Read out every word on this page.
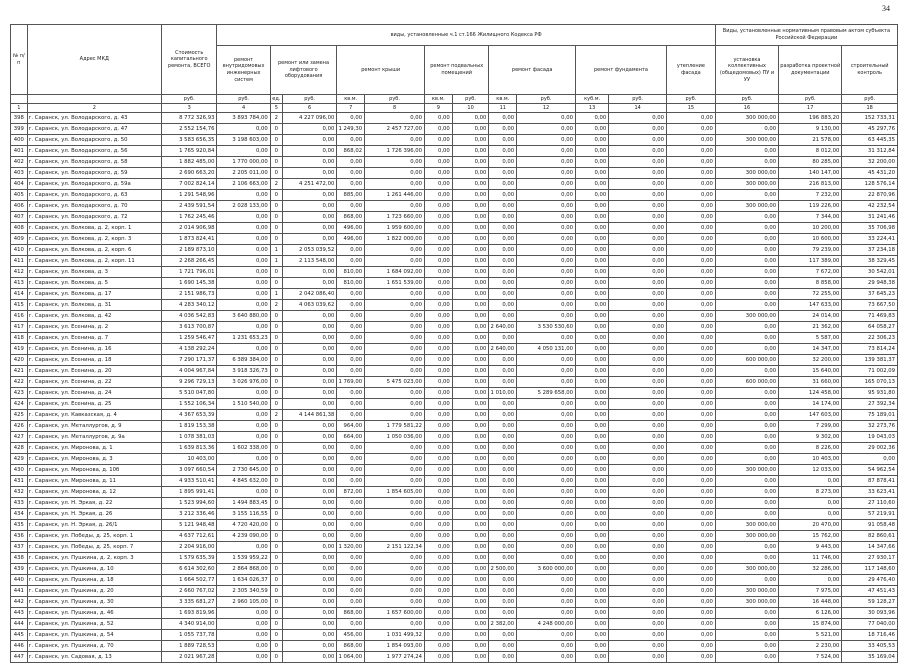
34
№ п/п	Адрес МКД	Стоимость капитального ремонта, ВСЕГО	виды, установленные ч.1 ст.166 Жилищного Кодекса РФ												Виды, установленные нормативным правовым актом субъекта Российской Федерации		
			ремонт внутридомовых инженерных систем	ремонт или замена лифтового оборудования		ремонт крыши		ремонт подвальных помещений		ремонт фасада		ремонт фундамента		утепление фасада	установка коллективных (общедомовых) ПУ и УУ	разработка проектной документации	строительный контроль
		руб.	руб.	ед.	руб.	кв.м.	руб.	кв.м.	руб.	кв.м.	руб.	куб.м.	руб.	руб.	руб.	руб.	руб.
1	2	3	4	5	6	7	8	9	10	11	12	13	14	15	16	17	18
398	г. Саранск, ул. Володарского, д. 43	8 772 326,93	3 893 784,00	2	4 227 096,00	0,00	0,00	0,00	0,00	0,00	0,00	0,00	0,00	0,00	300 000,00	196 883,20	152 733,31
399	г. Саранск, ул. Володарского, д. 47	2 552 154,76	0,00	0	0,00	1 249,30	2 457 727,00	0,00	0,00	0,00	0,00	0,00	0,00	0,00	0,00	9 130,00	45 297,76
400	г. Саранск, ул. Володарского, д. 50	3 583 656,35	3 198 603,00	0	0,00	0,00	0,00	0,00	0,00	0,00	0,00	0,00	0,00	0,00	300 000,00	21 578,00	63 445,35
401	г. Саранск, ул. Володарского, д. 56	1 765 920,84	0,00	0	0,00	868,02	1 726 396,00	0,00	0,00	0,00	0,00	0,00	0,00	0,00	0,00	8 012,00	31 312,84
402	г. Саранск, ул. Володарского, д. 58	1 882 485,00	1 770 000,00	0	0,00	0,00	0,00	0,00	0,00	0,00	0,00	0,00	0,00	0,00	0,00	80 285,00	32 200,00
403	г. Саранск, ул. Володарского, д. 59	2 690 663,20	2 205 011,00	0	0,00	0,00	0,00	0,00	0,00	0,00	0,00	0,00	0,00	0,00	300 000,00	140 147,00	45 431,20
404	г. Саранск, ул. Володарского, д. 59а	7 002 824,14	2 106 663,00	2	4 251 472,00	0,00	0,00	0,00	0,00	0,00	0,00	0,00	0,00	0,00	300 000,00	216 813,00	128 576,14
405	г. Саранск, ул. Володарского, д. 63	1 291 548,96	0,00	0	0,00	885,00	1 261 446,00	0,00	0,00	0,00	0,00	0,00	0,00	0,00	0,00	7 232,00	22 870,96
406	г. Саранск, ул. Володарского, д. 70	2 439 591,54	2 028 133,00	0	0,00	0,00	0,00	0,00	0,00	0,00	0,00	0,00	0,00	0,00	300 000,00	119 226,00	42 232,54
407	г. Саранск, ул. Володарского, д. 72	1 762 245,46	0,00	0	0,00	868,00	1 723 660,00	0,00	0,00	0,00	0,00	0,00	0,00	0,00	0,00	7 344,00	31 241,46
408	г. Саранск, ул. Волкова, д. 2, корп. 1	2 014 906,98	0,00	0	0,00	496,00	1 959 600,00	0,00	0,00	0,00	0,00	0,00	0,00	0,00	0,00	10 200,00	35 706,98
409	г. Саранск, ул. Волкова, д. 2, корп. 3	1 873 824,41	0,00	0	0,00	496,00	1 822 000,00	0,00	0,00	0,00	0,00	0,00	0,00	0,00	0,00	10 600,00	33 224,41
410	г. Саранск, ул. Волкова, д. 2, корп. 6	2 189 873,10	0,00	1	2 053 039,52	0,00	0,00	0,00	0,00	0,00	0,00	0,00	0,00	0,00	0,00	79 239,00	37 234,18
411	г. Саранск, ул. Волкова, д. 2, корп. 11	2 268 266,45	0,00	1	2 113 548,00	0,00	0,00	0,00	0,00	0,00	0,00	0,00	0,00	0,00	0,00	117 389,00	38 329,45
412	г. Саранск, ул. Волкова, д. 3	1 721 796,01	0,00	0	0,00	810,00	1 684 092,00	0,00	0,00	0,00	0,00	0,00	0,00	0,00	0,00	7 672,00	30 542,01
413	г. Саранск, ул. Волкова, д. 5	1 690 145,38	0,00	0	0,00	810,00	1 651 539,00	0,00	0,00	0,00	0,00	0,00	0,00	0,00	0,00	8 858,00	29 948,38
414	г. Саранск, ул. Волкова, д. 17	2 151 986,73	0,00	1	2 042 086,40	0,00	0,00	0,00	0,00	0,00	0,00	0,00	0,00	0,00	0,00	72 255,00	37 645,23
415	г. Саранск, ул. Волкова, д. 31	4 283 340,12	0,00	2	4 063 039,62	0,00	0,00	0,00	0,00	0,00	0,00	0,00	0,00	0,00	0,00	147 633,00	73 667,50
416	г. Саранск, ул. Волкова, д. 42	4 036 542,83	3 640 880,00	0	0,00	0,00	0,00	0,00	0,00	0,00	0,00	0,00	0,00	0,00	300 000,00	24 014,00	71 469,83
417	г. Саранск, ул. Есенина, д. 2	3 613 700,87	0,00	0	0,00	0,00	0,00	0,00	0,00	2 640,00	3 530 530,60	0,00	0,00	0,00	0,00	21 362,00	64 058,27
418	г. Саранск, ул. Есенина, д. 7	1 259 546,47	1 231 653,23	0	0,00	0,00	0,00	0,00	0,00	0,00	0,00	0,00	0,00	0,00	0,00	5 587,00	22 306,23
419	г. Саранск, ул. Есенина, д. 16	4 138 292,24	0,00	0	0,00	0,00	0,00	0,00	0,00	2 640,00	4 050 131,00	0,00	0,00	0,00	0,00	14 347,00	73 814,24
420	г. Саранск, ул. Есенина, д. 18	7 290 171,37	6 389 384,00	0	0,00	0,00	0,00	0,00	0,00	0,00	0,00	0,00	0,00	0,00	600 000,00	32 200,00	139 381,37
421	г. Саранск, ул. Есенина, д. 20	4 004 967,84	3 918 326,73	0	0,00	0,00	0,00	0,00	0,00	0,00	0,00	0,00	0,00	0,00	0,00	15 640,00	71 002,09
422	г. Саранск, ул. Есенина, д. 22	9 296 729,13	3 026 976,00	0	0,00	1 769,00	5 475 023,00	0,00	0,00	0,00	0,00	0,00	0,00	0,00	600 000,00	31 660,00	165 070,13
423	г. Саранск, ул. Есенина, д. 24	5 510 047,80	0,00	0	0,00	0,00	0,00	0,00	0,00	1 010,00	5 289 658,00	0,00	0,00	0,00	0,00	124 458,00	95 931,80
424	г. Саранск, ул. Есенина, д. 25	1 552 106,34	1 510 540,00	0	0,00	0,00	0,00	0,00	0,00	0,00	0,00	0,00	0,00	0,00	0,00	14 174,00	27 392,34
425	г. Саранск, ул. Кавказская, д. 4	4 367 653,39	0,00	2	4 144 861,38	0,00	0,00	0,00	0,00	0,00	0,00	0,00	0,00	0,00	0,00	147 603,00	75 189,01
426	г. Саранск, ул. Металлургов, д. 9	1 819 153,38	0,00	0	0,00	964,00	1 779 581,22	0,00	0,00	0,00	0,00	0,00	0,00	0,00	0,00	7 299,00	32 273,76
427	г. Саранск, ул. Металлургов, д. 9а	1 078 381,03	0,00	0	0,00	664,00	1 050 036,00	0,00	0,00	0,00	0,00	0,00	0,00	0,00	0,00	9 302,00	19 043,03
428	г. Саранск, ул. Миронова, д. 1	1 639 813,36	1 602 338,00	0	0,00	0,00	0,00	0,00	0,00	0,00	0,00	0,00	0,00	0,00	0,00	8 226,00	29 002,36
429	г. Саранск, ул. Миронова, д. 3	10 403,00	0,00	0	0,00	0,00	0,00	0,00	0,00	0,00	0,00	0,00	0,00	0,00	0,00	10 403,00	0,00
430	г. Саранск, ул. Миронова, д. 10б	3 097 660,54	2 730 645,00	0	0,00	0,00	0,00	0,00	0,00	0,00	0,00	0,00	0,00	0,00	300 000,00	12 033,00	54 962,54
431	г. Саранск, ул. Миронова, д. 11	4 933 510,41	4 845 632,00	0	0,00	0,00	0,00	0,00	0,00	0,00	0,00	0,00	0,00	0,00	0,00	0,00	87 878,41
432	г. Саранск, ул. Миронова, д. 12	1 895 991,41	0,00	0	0,00	872,00	1 854 605,00	0,00	0,00	0,00	0,00	0,00	0,00	0,00	0,00	8 273,00	33 623,41
433	г. Саранск, ул. Н. Эркая, д. 22	1 523 994,60	1 494 883,45	0	0,00	0,00	0,00	0,00	0,00	0,00	0,00	0,00	0,00	0,00	0,00	0,00	27 110,60
434	г. Саранск, ул. Н. Эркая, д. 26	3 212 336,46	3 155 116,55	0	0,00	0,00	0,00	0,00	0,00	0,00	0,00	0,00	0,00	0,00	0,00	0,00	57 219,91
435	г. Саранск, ул. Н. Эркая, д. 26/1	5 121 948,48	4 720 420,00	0	0,00	0,00	0,00	0,00	0,00	0,00	0,00	0,00	0,00	0,00	300 000,00	20 470,00	91 058,48
436	г. Саранск, ул. Победы, д. 25, корп. 1	4 637 712,61	4 239 090,00	0	0,00	0,00	0,00	0,00	0,00	0,00	0,00	0,00	0,00	0,00	300 000,00	15 762,00	82 860,61
437	г. Саранск, ул. Победы, д. 25, корп. 7	2 204 916,00	0,00	0	0,00	1 320,00	2 151 122,34	0,00	0,00	0,00	0,00	0,00	0,00	0,00	0,00	9 443,00	14 347,66
438	г. Саранск, ул. Пушкина, д. 2, корп. 3	1 579 635,39	1 539 959,22	0	0,00	0,00	0,00	0,00	0,00	0,00	0,00	0,00	0,00	0,00	0,00	11 746,00	27 930,17
439	г. Саранск, ул. Пушкина, д. 10	6 614 302,60	2 864 868,00	0	0,00	0,00	0,00	0,00	0,00	2 500,00	3 600 000,00	0,00	0,00	0,00	300 000,00	32 286,00	117 148,60
440	г. Саранск, ул. Пушкина, д. 18	1 664 502,77	1 634 026,37	0	0,00	0,00	0,00	0,00	0,00	0,00	0,00	0,00	0,00	0,00	0,00	0,00	29 476,40
441	г. Саранск, ул. Пушкина, д. 20	2 660 767,02	2 305 340,59	0	0,00	0,00	0,00	0,00	0,00	0,00	0,00	0,00	0,00	0,00	300 000,00	7 975,00	47 451,43
442	г. Саранск, ул. Пушкина, д. 30	3 335 681,27	2 960 105,00	0	0,00	0,00	0,00	0,00	0,00	0,00	0,00	0,00	0,00	0,00	300 000,00	16 448,00	59 128,27
443	г. Саранск, ул. Пушкина, д. 46	1 693 819,96	0,00	0	0,00	868,00	1 657 600,00	0,00	0,00	0,00	0,00	0,00	0,00	0,00	0,00	6 126,00	30 093,96
444	г. Саранск, ул. Пушкина, д. 52	4 340 914,00	0,00	0	0,00	0,00	0,00	0,00	0,00	2 382,00	4 248 000,00	0,00	0,00	0,00	0,00	15 874,00	77 040,00
445	г. Саранск, ул. Пушкина, д. 54	1 055 737,78	0,00	0	0,00	456,00	1 031 499,32	0,00	0,00	0,00	0,00	0,00	0,00	0,00	0,00	5 521,00	18 716,46
446	г. Саранск, ул. Пушкина, д. 70	1 889 728,53	0,00	0	0,00	868,00	1 854 093,00	0,00	0,00	0,00	0,00	0,00	0,00	0,00	0,00	2 230,00	33 405,53
447	г. Саранск, ул. Садовая, д. 13	2 021 967,28	0,00	0	0,00	1 064,00	1 977 274,24	0,00	0,00	0,00	0,00	0,00	0,00	0,00	0,00	7 524,00	35 169,04
